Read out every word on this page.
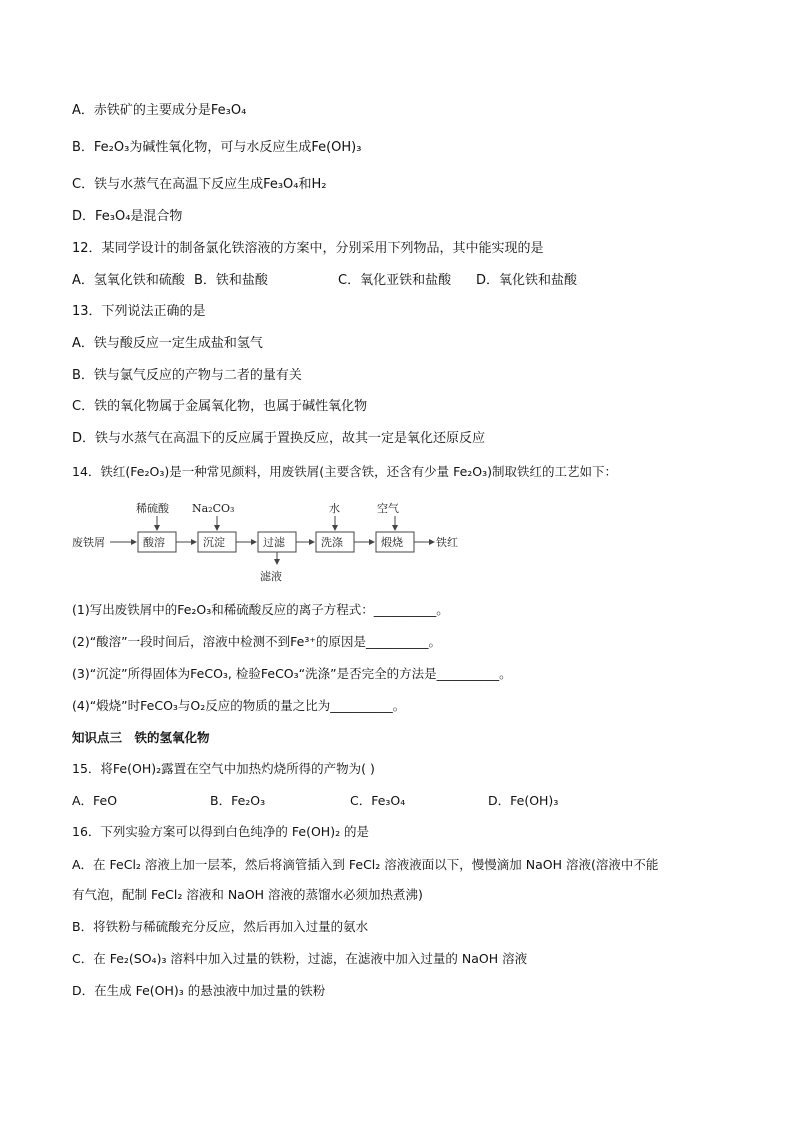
A．赤铁矿的主要成分是Fe₃O₄
B．Fe₂O₃为碱性氧化物，可与水反应生成Fe(OH)₃
C．铁与水蒸气在高温下反应生成Fe₃O₄和H₂
D．Fe₃O₄是混合物
12．某同学设计的制备氯化铁溶液的方案中，分别采用下列物品，其中能实现的是
A．氢氧化铁和硫酸 B．铁和盐酸	C．氧化亚铁和盐酸 D．氧化铁和盐酸
13．下列说法正确的是
A．铁与酸反应一定生成盐和氢气
B．铁与氯气反应的产物与二者的量有关
C．铁的氧化物属于金属氧化物，也属于碱性氧化物
D．铁与水蒸气在高温下的反应属于置换反应，故其一定是氧化还原反应
14．铁红(Fe₂O₃)是一种常见颜料，用废铁屑(主要含铁，还含有少量 Fe₂O₃)制取铁红的工艺如下：
废铁屑	酸溶
稀硫酸
沉淀
Na₂CO₃
过滤
滤液
洗涤
水
煅烧
空气
铁红
(1)写出废铁屑中的Fe₂O₃和稀硫酸反应的离子方程式：__________。
(2)“酸溶”一段时间后，溶液中检测不到Fe³⁺的原因是__________。
(3)“沉淀”所得固体为FeCO₃, 检验FeCO₃“洗涤”是否完全的方法是__________。
(4)“煅烧”时FeCO₃与O₂反应的物质的量之比为__________。
知识点三　铁的氢氧化物
15．将Fe(OH)₂露置在空气中加热灼烧所得的产物为( )
A．FeO	B．Fe₂O₃	C．Fe₃O₄	D．Fe(OH)₃
16．下列实验方案可以得到白色纯净的 Fe(OH)₂ 的是
A．在 FeCl₂ 溶液上加一层苯，然后将滴管插入到 FeCl₂ 溶液液面以下，慢慢滴加 NaOH 溶液(溶液中不能
有气泡，配制 FeCl₂ 溶液和 NaOH 溶液的蒸馏水必须加热煮沸)
B．将铁粉与稀硫酸充分反应，然后再加入过量的氨水
C．在 Fe₂(SO₄)₃ 溶料中加入过量的铁粉，过滤，在滤液中加入过量的 NaOH 溶液
D．在生成 Fe(OH)₃ 的悬浊液中加过量的铁粉
